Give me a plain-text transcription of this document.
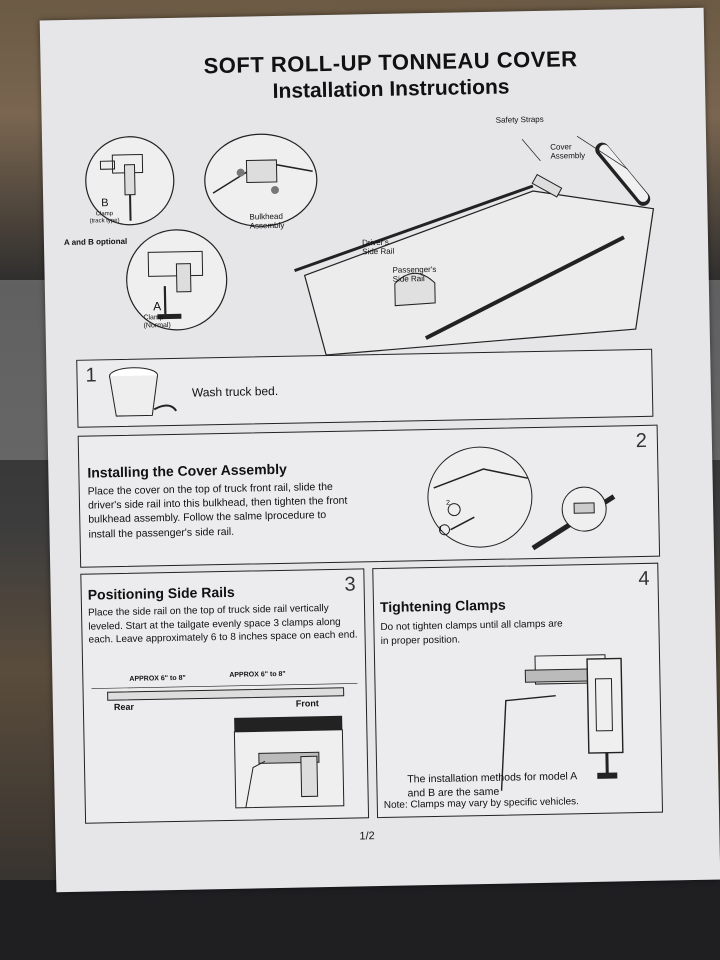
SOFT ROLL-UP TONNEAU COVER
Installation Instructions
B
Clamp
(track type)
A and B optional
A
Clamp
(Normal)
Bulkhead
Assembly
Safety Straps
Cover
Assembly
Driver's
Side Rail
Passenger's
Side Rail
1
Wash truck bed.
2
Installing the Cover Assembly
Place the cover on the top of truck front rail, slide the driver's side rail into this bulkhead, then tighten the front bulkhead assembly. Follow the salme lprocedure to install the passenger's side rail.
2
1
3
Positioning Side Rails
Place the side rail on the top of truck side rail vertically leveled. Start at the tailgate evenly space 3 clamps along each. Leave approximately 6 to 8 inches space on each end.
APPROX 6" to 8"	APPROX 6" to 8"
Rear	Front
4
Tightening Clamps
Do not tighten clamps until all clamps are in proper position.
The installation methods for model A and B are the same
Note: Clamps may vary by specific vehicles.
1/2
